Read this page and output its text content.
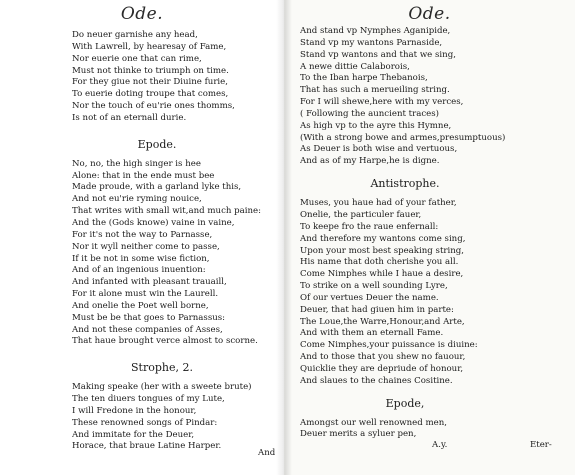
Ode.
Do neuer garnishe any head,
With Lawrell, by hearesay of Fame,
Nor euerie one that can rime,
Must not thinke to triumph on time.
For they giue not their Diuine furie,
To euerie doting troupe that comes,
Nor the touch of eu'rie ones thomms,
Is not of an eternall durie.
Epode.
No, no, the high singer is hee
Alone: that in the ende must bee
Made proude, with a garland lyke this,
And not eu'rie ryming nouice,
That writes with small wit,and much paine:
And the (Gods knowe) vaine in vaine,
For it's not the way to Parnasse,
Nor it wyll neither come to passe,
If it be not in some wise fiction,
And of an ingenious inuention:
And infanted with pleasant trauaill,
For it alone must win the Laurell.
And onelie the Poet well borne,
Must be be that goes to Parnassus:
And not these companies of Asses,
That haue brought verce almost to scorne.
Strophe, 2.
Making speake (her with a sweete brute)
The ten diuers tongues of my Lute,
I will Fredone in the honour,
These renowned songs of Pindar:
And immitate for the Deuer,
Horace, that braue Latine Harper.
And
Ode.
And stand vp Nymphes Aganipide,
Stand vp my wantons Parnaside,
Stand vp wantons and that we sing,
A newe dittie Calaborois,
To the Iban harpe Thebanois,
That has such a merueiling string.
For I will shewe,here with my verces,
( Following the auncient traces)
As high vp to the ayre this Hymne,
(With a strong bowe and armes,presumptuous)
As Deuer is both wise and vertuous,
And as of my Harpe,he is digne.
Antistrophe.
Muses, you haue had of your father,
Onelie, the particuler fauer,
To keepe fro the raue enfernall:
And therefore my wantons come sing,
Upon your most best speaking string,
His name that doth cherishe you all.
Come Nimphes while I haue a desire,
To strike on a well sounding Lyre,
Of our vertues Deuer the name.
Deuer, that had giuen him in parte:
The Loue,the Warre,Honour,and Arte,
And with them an eternall Fame.
Come Nimphes,your puissance is diuine:
And to those that you shew no fauour,
Quicklie they are depriude of honour,
And slaues to the chaines Cositine.
Epode,
Amongst our well renowned men,
Deuer merits a syluer pen,
A.y.	Eter-
